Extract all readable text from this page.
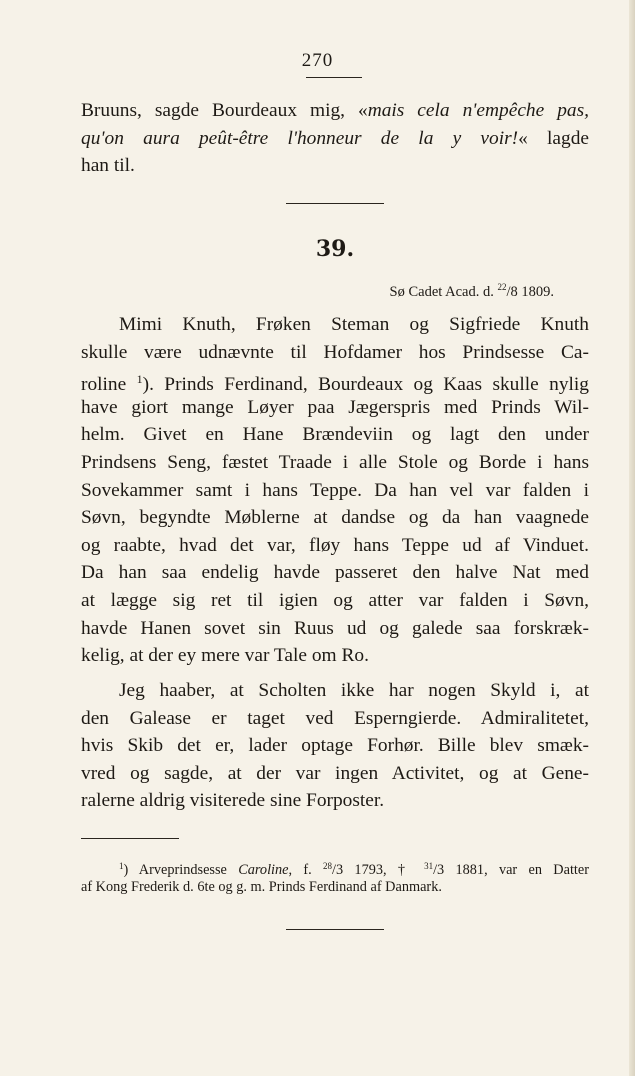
270
Bruuns, sagde Bourdeaux mig, «mais cela n'empêche pas,
qu'on aura peût-être l'honneur de la y voir!« lagde
han til.
39.
Sø Cadet Acad. d. $^{22}$/8 1809.
Mimi Knuth, Frøken Steman og Sigfriede Knuth
skulle være udnævnte til Hofdamer hos Prindsesse Ca-
roline $^1$). Prinds Ferdinand, Bourdeaux og Kaas skulle nylig
have giort mange Løyer paa Jægerspris med Prinds Wil-
helm. Givet en Hane Brændeviin og lagt den under
Prindsens Seng, fæstet Traade i alle Stole og Borde i hans
Sovekammer samt i hans Teppe. Da han vel var falden i
Søvn, begyndte Møblerne at dandse og da han vaagnede
og raabte, hvad det var, fløy hans Teppe ud af Vinduet.
Da han saa endelig havde passeret den halve Nat med
at lægge sig ret til igien og atter var falden i Søvn,
havde Hanen sovet sin Ruus ud og galede saa forskræk-
kelig, at der ey mere var Tale om Ro.
Jeg haaber, at Scholten ikke har nogen Skyld i, at
den Galease er taget ved Esperngierde. Admiralitetet,
hvis Skib det er, lader optage Forhør. Bille blev smæk-
vred og sagde, at der var ingen Activitet, og at Gene-
ralerne aldrig visiterede sine Forposter.
$^1$) Arveprindsesse Caroline, f. $^{28}$/3 1793, † $^{31}$/3 1881, var en Datter
af Kong Frederik d. 6te og g. m. Prinds Ferdinand af Danmark.
